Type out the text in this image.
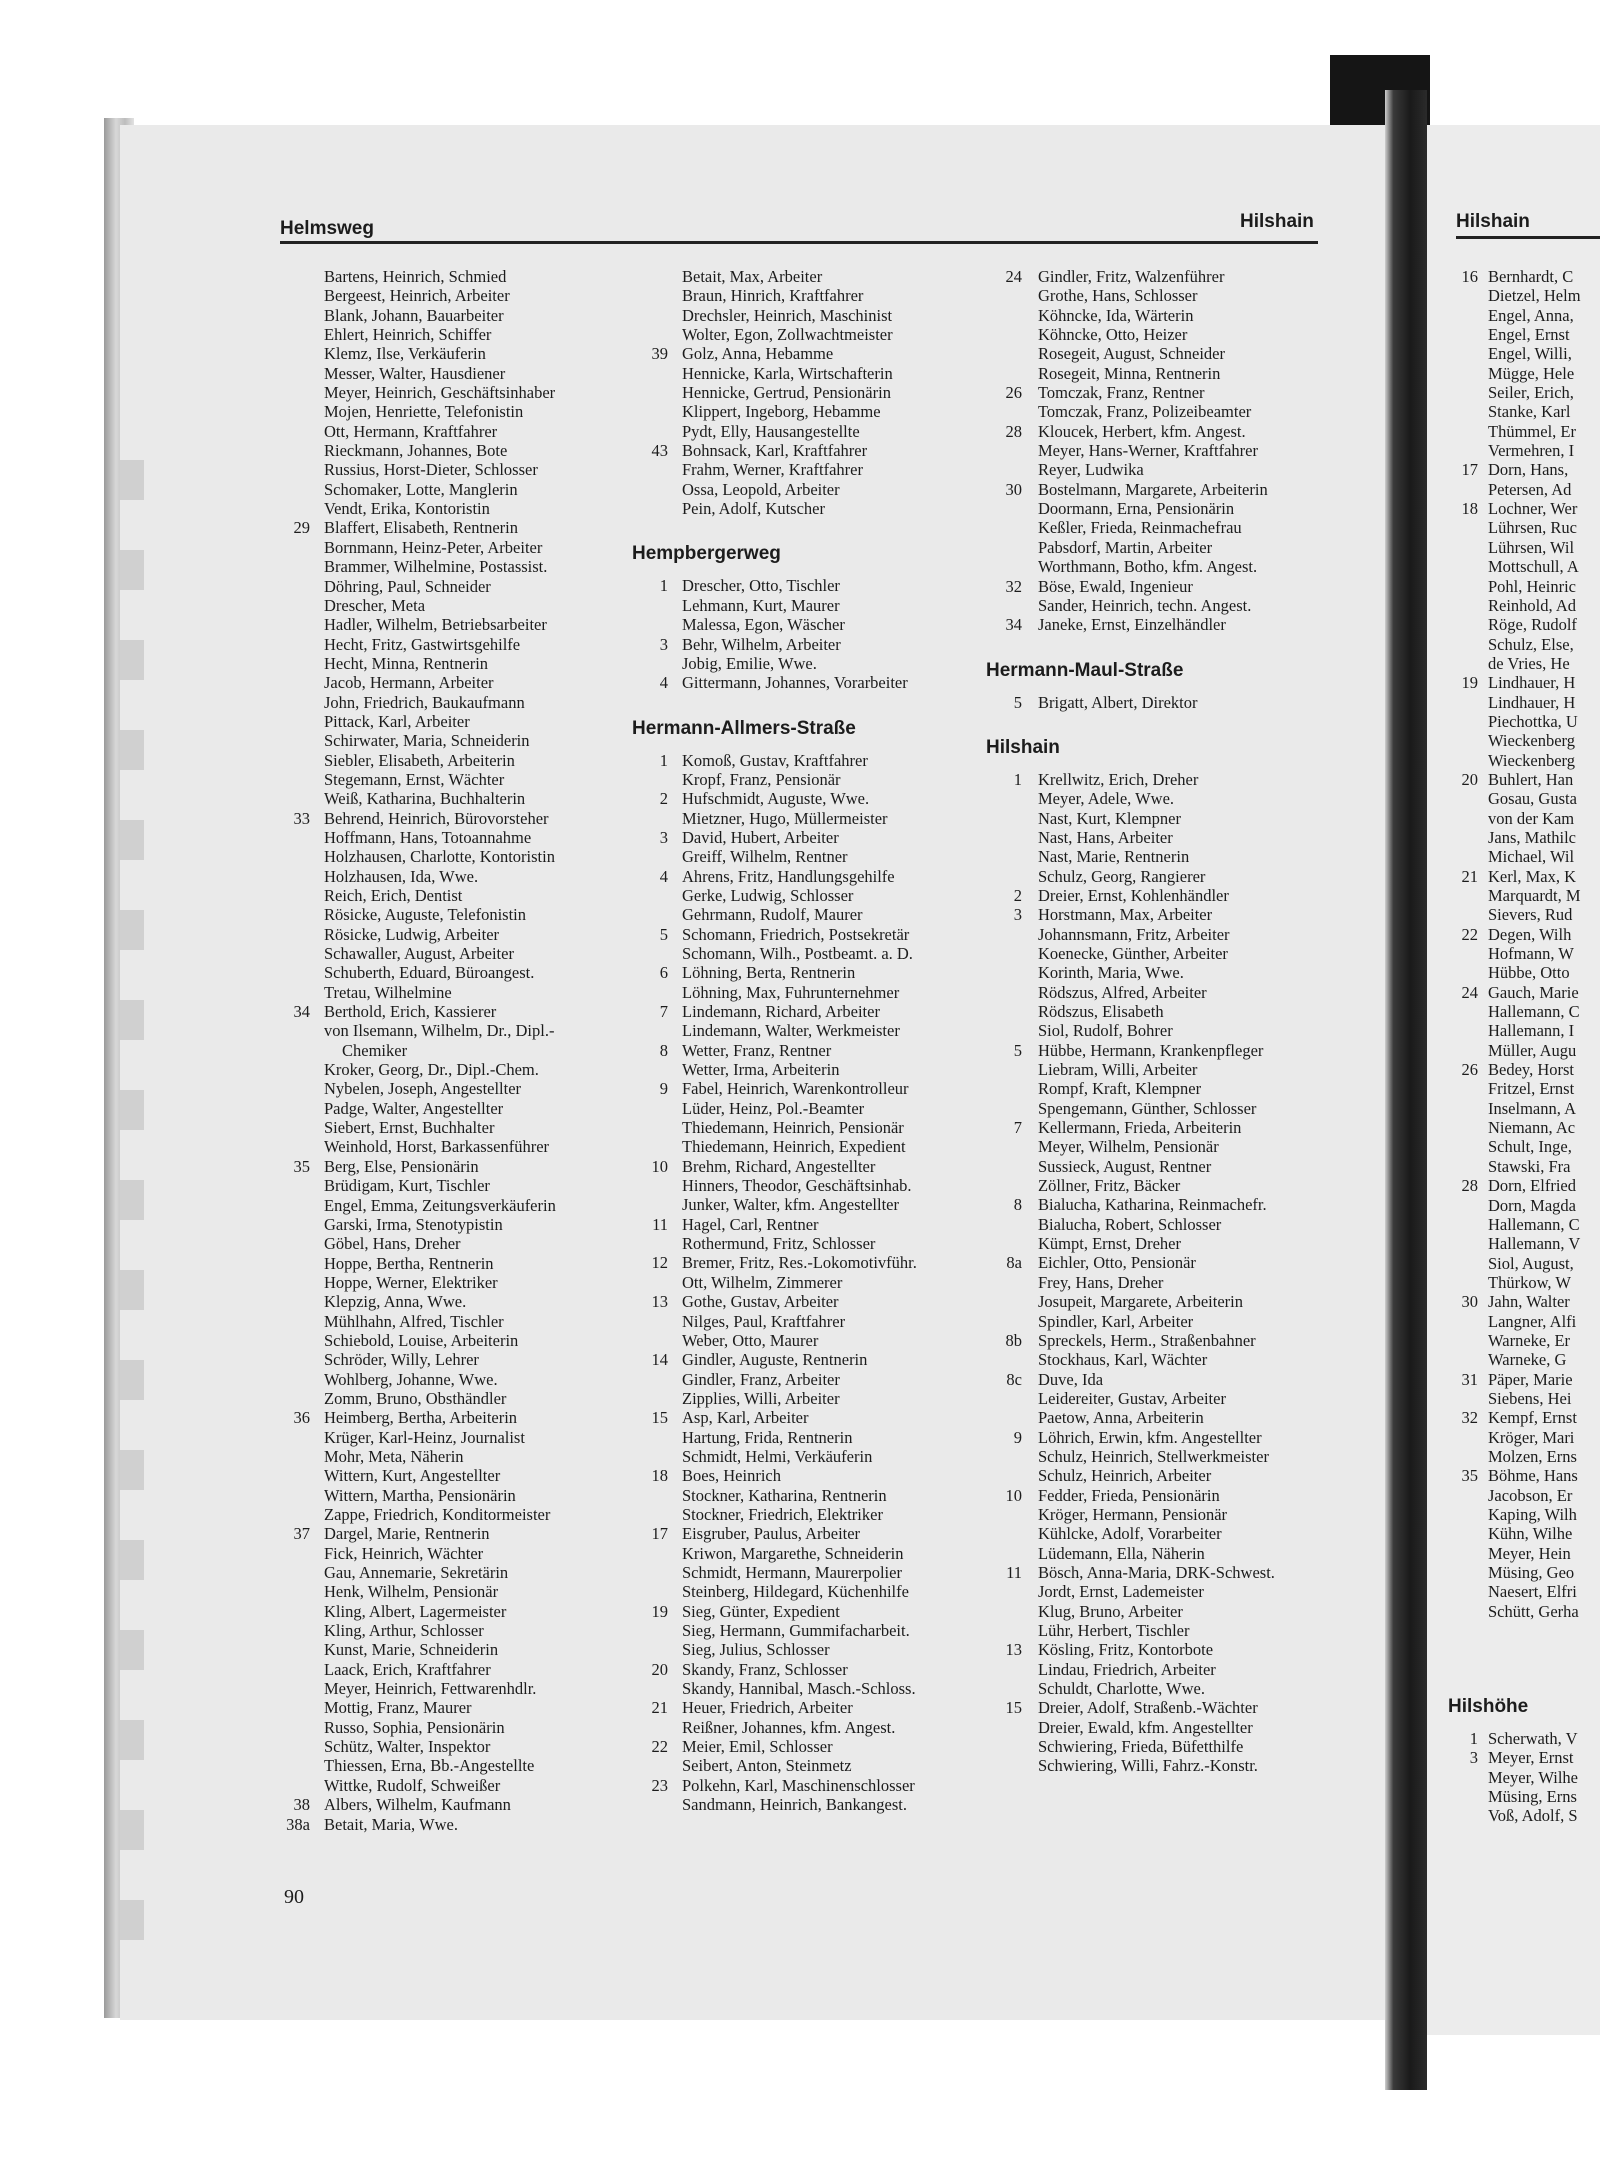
Helmsweg	Hilshain	Hilshain
Bartens, Heinrich, Schmied
Bergeest, Heinrich, Arbeiter
Blank, Johann, Bauarbeiter
Ehlert, Heinrich, Schiffer
Klemz, Ilse, Verkäuferin
Messer, Walter, Hausdiener
Meyer, Heinrich, Geschäftsinhaber
Mojen, Henriette, Telefonistin
Ott, Hermann, Kraftfahrer
Rieckmann, Johannes, Bote
Russius, Horst-Dieter, Schlosser
Schomaker, Lotte, Manglerin
Vendt, Erika, Kontoristin
29 Blaffert, Elisabeth, Rentnerin
Bornmann, Heinz-Peter, Arbeiter
Brammer, Wilhelmine, Postassist.
Döhring, Paul, Schneider
Drescher, Meta
Hadler, Wilhelm, Betriebsarbeiter
Hecht, Fritz, Gastwirtsgehilfe
Hecht, Minna, Rentnerin
Jacob, Hermann, Arbeiter
John, Friedrich, Baukaufmann
Pittack, Karl, Arbeiter
Schirwater, Maria, Schneiderin
Siebler, Elisabeth, Arbeiterin
Stegemann, Ernst, Wächter
Weiß, Katharina, Buchhalterin
33 Behrend, Heinrich, Bürovorsteher
Hoffmann, Hans, Totoannahme
Holzhausen, Charlotte, Kontoristin
Holzhausen, Ida, Wwe.
Reich, Erich, Dentist
Rösicke, Auguste, Telefonistin
Rösicke, Ludwig, Arbeiter
Schawaller, August, Arbeiter
Schuberth, Eduard, Büroangest.
Tretau, Wilhelmine
34 Berthold, Erich, Kassierer
von Ilsemann, Wilhelm, Dr., Dipl.-
Chemiker
Kroker, Georg, Dr., Dipl.-Chem.
Nybelen, Joseph, Angestellter
Padge, Walter, Angestellter
Siebert, Ernst, Buchhalter
Weinhold, Horst, Barkassenführer
35 Berg, Else, Pensionärin
Brüdigam, Kurt, Tischler
Engel, Emma, Zeitungsverkäuferin
Garski, Irma, Stenotypistin
Göbel, Hans, Dreher
Hoppe, Bertha, Rentnerin
Hoppe, Werner, Elektriker
Klepzig, Anna, Wwe.
Mühlhahn, Alfred, Tischler
Schiebold, Louise, Arbeiterin
Schröder, Willy, Lehrer
Wohlberg, Johanne, Wwe.
Zomm, Bruno, Obsthändler
36 Heimberg, Bertha, Arbeiterin
Krüger, Karl-Heinz, Journalist
Mohr, Meta, Näherin
Wittern, Kurt, Angestellter
Wittern, Martha, Pensionärin
Zappe, Friedrich, Konditormeister
37 Dargel, Marie, Rentnerin
Fick, Heinrich, Wächter
Gau, Annemarie, Sekretärin
Henk, Wilhelm, Pensionär
Kling, Albert, Lagermeister
Kling, Arthur, Schlosser
Kunst, Marie, Schneiderin
Laack, Erich, Kraftfahrer
Meyer, Heinrich, Fettwarenhdlr.
Mottig, Franz, Maurer
Russo, Sophia, Pensionärin
Schütz, Walter, Inspektor
Thiessen, Erna, Bb.-Angestellte
Wittke, Rudolf, Schweißer
38 Albers, Wilhelm, Kaufmann
38a Betait, Maria, Wwe.
Betait, Max, Arbeiter
Braun, Hinrich, Kraftfahrer
Drechsler, Heinrich, Maschinist
Wolter, Egon, Zollwachtmeister
39 Golz, Anna, Hebamme
Hennicke, Karla, Wirtschafterin
Hennicke, Gertrud, Pensionärin
Klippert, Ingeborg, Hebamme
Pydt, Elly, Hausangestellte
43 Bohnsack, Karl, Kraftfahrer
Frahm, Werner, Kraftfahrer
Ossa, Leopold, Arbeiter
Pein, Adolf, Kutscher
Hempbergerweg
1 Drescher, Otto, Tischler
Lehmann, Kurt, Maurer
Malessa, Egon, Wäscher
3 Behr, Wilhelm, Arbeiter
Jobig, Emilie, Wwe.
4 Gittermann, Johannes, Vorarbeiter
Hermann-Allmers-Straße
1 Komoß, Gustav, Kraftfahrer
Kropf, Franz, Pensionär
2 Hufschmidt, Auguste, Wwe.
Mietzner, Hugo, Müllermeister
3 David, Hubert, Arbeiter
Greiff, Wilhelm, Rentner
4 Ahrens, Fritz, Handlungsgehilfe
Gerke, Ludwig, Schlosser
Gehrmann, Rudolf, Maurer
5 Schomann, Friedrich, Postsekretär
Schomann, Wilh., Postbeamt. a. D.
6 Löhning, Berta, Rentnerin
Löhning, Max, Fuhrunternehmer
7 Lindemann, Richard, Arbeiter
Lindemann, Walter, Werkmeister
8 Wetter, Franz, Rentner
Wetter, Irma, Arbeiterin
9 Fabel, Heinrich, Warenkontrolleur
Lüder, Heinz, Pol.-Beamter
Thiedemann, Heinrich, Pensionär
Thiedemann, Heinrich, Expedient
10 Brehm, Richard, Angestellter
Hinners, Theodor, Geschäftsinhab.
Junker, Walter, kfm. Angestellter
11 Hagel, Carl, Rentner
Rothermund, Fritz, Schlosser
12 Bremer, Fritz, Res.-Lokomotivführ.
Ott, Wilhelm, Zimmerer
13 Gothe, Gustav, Arbeiter
Nilges, Paul, Kraftfahrer
Weber, Otto, Maurer
14 Gindler, Auguste, Rentnerin
Gindler, Franz, Arbeiter
Zipplies, Willi, Arbeiter
15 Asp, Karl, Arbeiter
Hartung, Frida, Rentnerin
Schmidt, Helmi, Verkäuferin
18 Boes, Heinrich
Stockner, Katharina, Rentnerin
Stockner, Friedrich, Elektriker
17 Eisgruber, Paulus, Arbeiter
Kriwon, Margarethe, Schneiderin
Schmidt, Hermann, Maurerpolier
Steinberg, Hildegard, Küchenhilfe
19 Sieg, Günter, Expedient
Sieg, Hermann, Gummifacharbeit.
Sieg, Julius, Schlosser
20 Skandy, Franz, Schlosser
Skandy, Hannibal, Masch.-Schloss.
21 Heuer, Friedrich, Arbeiter
Reißner, Johannes, kfm. Angest.
22 Meier, Emil, Schlosser
Seibert, Anton, Steinmetz
23 Polkehn, Karl, Maschinenschlosser
Sandmann, Heinrich, Bankangest.
24 Gindler, Fritz, Walzenführer
Grothe, Hans, Schlosser
Köhncke, Ida, Wärterin
Köhncke, Otto, Heizer
Rosegeit, August, Schneider
Rosegeit, Minna, Rentnerin
26 Tomczak, Franz, Rentner
Tomczak, Franz, Polizeibeamter
28 Kloucek, Herbert, kfm. Angest.
Meyer, Hans-Werner, Kraftfahrer
Reyer, Ludwika
30 Bostelmann, Margarete, Arbeiterin
Doormann, Erna, Pensionärin
Keßler, Frieda, Reinmachefrau
Pabsdorf, Martin, Arbeiter
Worthmann, Botho, kfm. Angest.
32 Böse, Ewald, Ingenieur
Sander, Heinrich, techn. Angest.
34 Janeke, Ernst, Einzelhändler
Hermann-Maul-Straße
5 Brigatt, Albert, Direktor
Hilshain
1 Krellwitz, Erich, Dreher
Meyer, Adele, Wwe.
Nast, Kurt, Klempner
Nast, Hans, Arbeiter
Nast, Marie, Rentnerin
Schulz, Georg, Rangierer
2 Dreier, Ernst, Kohlenhändler
3 Horstmann, Max, Arbeiter
Johannsmann, Fritz, Arbeiter
Koenecke, Günther, Arbeiter
Korinth, Maria, Wwe.
Rödszus, Alfred, Arbeiter
Rödszus, Elisabeth
Siol, Rudolf, Bohrer
5 Hübbe, Hermann, Krankenpfleger
Liebram, Willi, Arbeiter
Rompf, Kraft, Klempner
Spengemann, Günther, Schlosser
7 Kellermann, Frieda, Arbeiterin
Meyer, Wilhelm, Pensionär
Sussieck, August, Rentner
Zöllner, Fritz, Bäcker
8 Bialucha, Katharina, Reinmachefr.
Bialucha, Robert, Schlosser
Kümpt, Ernst, Dreher
8a Eichler, Otto, Pensionär
Frey, Hans, Dreher
Josupeit, Margarete, Arbeiterin
Spindler, Karl, Arbeiter
8b Spreckels, Herm., Straßenbahner
Stockhaus, Karl, Wächter
8c Duve, Ida
Leidereiter, Gustav, Arbeiter
Paetow, Anna, Arbeiterin
9 Löhrich, Erwin, kfm. Angestellter
Schulz, Heinrich, Stellwerkmeister
Schulz, Heinrich, Arbeiter
10 Fedder, Frieda, Pensionärin
Kröger, Hermann, Pensionär
Kühlcke, Adolf, Vorarbeiter
Lüdemann, Ella, Näherin
11 Bösch, Anna-Maria, DRK-Schwest.
Jordt, Ernst, Lademeister
Klug, Bruno, Arbeiter
Lühr, Herbert, Tischler
13 Kösling, Fritz, Kontorbote
Lindau, Friedrich, Arbeiter
Schuldt, Charlotte, Wwe.
15 Dreier, Adolf, Straßenb.-Wächter
Dreier, Ewald, kfm. Angestellter
Schwiering, Frieda, Büfetthilfe
Schwiering, Willi, Fahrz.-Konstr.
16 Bernhardt, C
Dietzel, Helm
Engel, Anna,
Engel, Ernst
Engel, Willi,
Mügge, Hele
Seiler, Erich,
Stanke, Karl
Thümmel, Er
Vermehren, I
17 Dorn, Hans,
Petersen, Ad
18 Lochner, Wer
Lührsen, Ruc
Lührsen, Wil
Mottschull, A
Pohl, Heinric
Reinhold, Ad
Röge, Rudolf
Schulz, Else,
de Vries, He
19 Lindhauer, H
Lindhauer, H
Piechottka, U
Wieckenberg
Wieckenberg
20 Buhlert, Han
Gosau, Gusta
von der Kam
Jans, Mathilc
Michael, Wil
21 Kerl, Max, K
Marquardt, M
Sievers, Rud
22 Degen, Wilh
Hofmann, W
Hübbe, Otto
24 Gauch, Marie
Hallemann, C
Hallemann, I
Müller, Augu
26 Bedey, Horst
Fritzel, Ernst
Inselmann, A
Niemann, Ac
Schult, Inge,
Stawski, Fra
28 Dorn, Elfried
Dorn, Magda
Hallemann, C
Hallemann, V
Siol, August,
Thürkow, W
30 Jahn, Walter
Langner, Alfi
Warneke, Er
Warneke, G
31 Päper, Marie
Siebens, Hei
32 Kempf, Ernst
Kröger, Mari
Molzen, Erns
35 Böhme, Hans
Jacobson, Er
Kaping, Wilh
Kühn, Wilhe
Meyer, Hein
Müsing, Geo
Naesert, Elfri
Schütt, Gerha
Hilshöhe
1 Scherwath, V
3 Meyer, Ernst
Meyer, Wilhe
Müsing, Erns
Voß, Adolf, S
90
